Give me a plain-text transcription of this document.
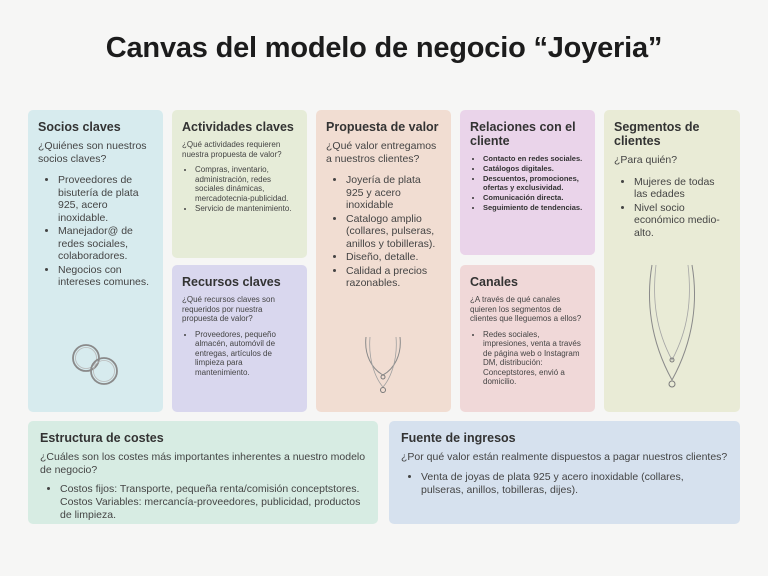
Canvas del modelo de negocio “Joyeria”
Socios claves
¿Quiénes son nuestros socios claves?
• Proveedores de bisutería de plata 925, acero inoxidable.
• Manejador@ de redes sociales, colaboradores.
• Negocios con intereses comunes.
Actividades claves
¿Qué actividades requieren nuestra propuesta de valor?
• Compras, inventario, administración, redes sociales dinámicas, mercadotecnia-publicidad.
• Servicio de mantenimiento.
Recursos claves
¿Qué recursos claves son requeridos por nuestra propuesta de valor?
• Proveedores, pequeño almacén, automóvil de entregas, artículos de limpieza para mantenimiento.
Propuesta de valor
¿Qué valor entregamos a nuestros clientes?
• Joyería de plata 925 y acero inoxidable
• Catalogo amplio (collares, pulseras, anillos y tobilleras).
• Diseño, detalle.
• Calidad a precios razonables.
Relaciones con el cliente
• Contacto en redes sociales.
• Catálogos digitales.
• Descuentos, promociones, ofertas y exclusividad.
• Comunicación directa.
• Seguimiento de tendencias.
Canales
¿A través de qué canales quieren los segmentos de clientes que lleguemos a ellos?
• Redes sociales, impresiones, venta a través de página web o Instagram DM, distribución: Conceptstores, envió a domicilio.
Segmentos de clientes
¿Para quién?
• Mujeres de todas las edades
• Nivel socio económico medio-alto.
Estructura de costes
¿Cuáles son los costes más importantes inherentes a nuestro modelo de negocio?
• Costos fijos: Transporte, pequeña renta/comisión conceptstores. Costos Variables: mercancía-proveedores, publicidad, productos de limpieza.
Fuente de ingresos
¿Por qué valor están realmente dispuestos a pagar nuestros clientes?
• Venta de joyas de plata 925 y acero inoxidable (collares, pulseras, anillos, tobilleras, dijes).
